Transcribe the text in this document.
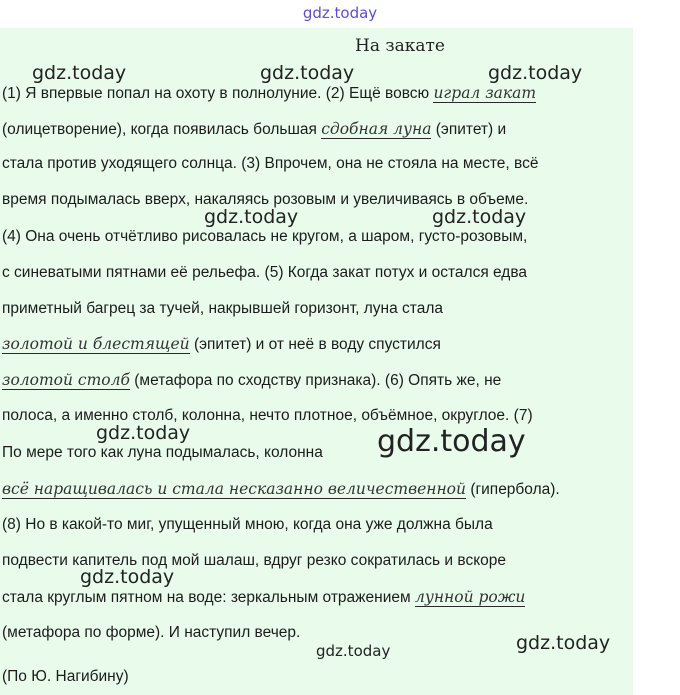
gdz.today
На закате
(1) Я впервые попал на охоту в полнолуние. (2) Ещё вовсю играл закат
(олицетворение), когда появилась большая сдобная луна (эпитет) и
стала против уходящего солнца. (3) Впрочем, она не стояла на месте, всё
время подымалась вверх, накаляясь розовым и увеличиваясь в объеме.
(4) Она очень отчётливо рисовалась не кругом, а шаром, густо-розовым,
с синеватыми пятнами её рельефа. (5) Когда закат потух и остался едва
приметный багрец за тучей, накрывшей горизонт, луна стала
золотой и блестящей (эпитет) и от неё в воду спустился
золотой столб (метафора по сходству признака). (6) Опять же, не
полоса, а именно столб, колонна, нечто плотное, объёмное, округлое. (7)
По мере того как луна подымалась, колонна
всё наращивалась и стала несказанно величественной (гипербола).
(8) Но в какой-то миг, упущенный мною, когда она уже должна была
подвести капитель под мой шалаш, вдруг резко сократилась и вскоре
стала круглым пятном на воде: зеркальным отражением лунной рожи
(метафора по форме). И наступил вечер.
(По Ю. Нагибину)
gdz.today	gdz.today	gdz.today
gdz.today	gdz.today
gdz.today	gdz.today
gdz.today
gdz.today
gdz.today
